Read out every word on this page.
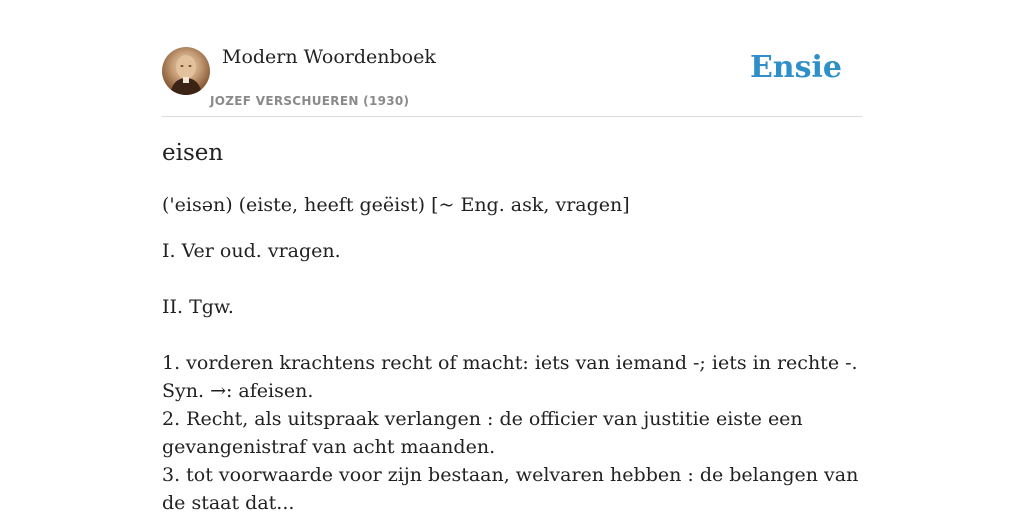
Modern Woordenboek
JOZEF VERSCHUEREN (1930)
Ensie
eisen

('eisən) (eiste, heeft geëist) [~ Eng. ask, vragen]

I. Ver oud. vragen.

II. Tgw.

1. vorderen krachtens recht of macht: iets van iemand -; iets in rechte -. Syn. →: afeisen.

2. Recht, als uitspraak verlangen : de officier van justitie eiste een gevangenistraf van acht maanden.

3. tot voorwaarde voor zijn bestaan, welvaren hebben : de belangen van de staat dat...
